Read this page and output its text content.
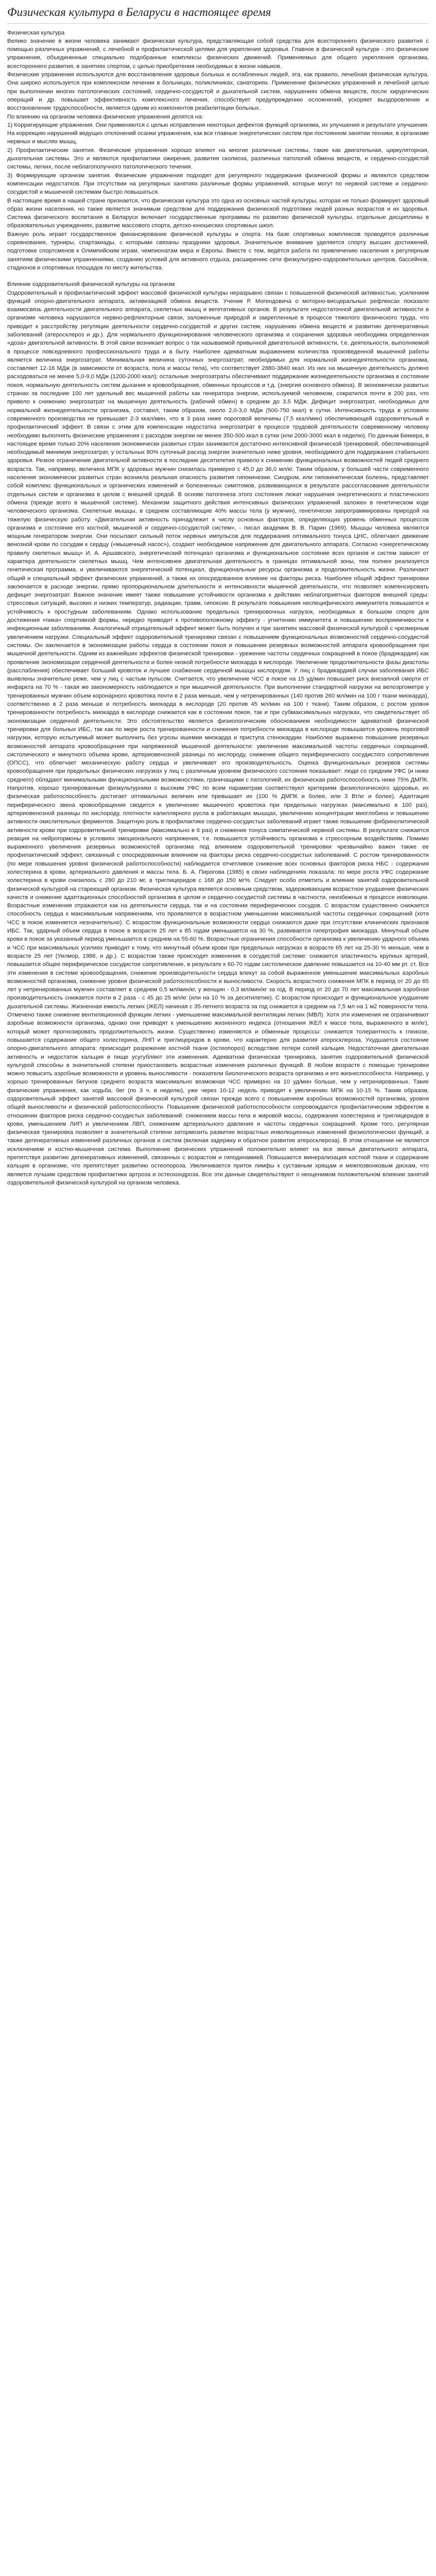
Физическая культура в Беларуси в настоящее время

Физическая культура

Велико значение в жизни человека занимают физическая культура, представляющая собой средства для всестороннего физического развития с помощью различных упражнений, с лечебной и профилактической целями для укрепления здоровья. Главное в физической культуре - это физические упражнения, объединенные специально подобранные комплексы физических движений. Применяемых для общего укрепления организма, всестороннего развития, в занятиях спортом, с целью приобретения необходимых в жизни навыков.

Физические упражнения используются для восстановления здоровья больных и ослабленных людей, эта, как правило, лечебная физическая культура. Она широко используется при комплексном лечении в больницах, поликлиниках, санаториях. Применение физических упражнений и лечебной целью при выполнении многих патологических состояний, сердечно-сосудистой и дыхательной систем, нарушениях обмена веществ, после хирургических операций и др. повышает эффективность комплексного лечения, способствует предупреждению осложнений, ускоряет выздоровление и восстановление трудоспособности, является одним из компонентов реабилитации больных.

По влиянию на организм человека физические упражнения делятся на:

1) Корригирующие упражнения. Они применяются с целью исправления некоторых дефектов функций организма, их улучшения и результате улучшения. На коррекцию нарушений ведущих отклонений осанки упражнения, как все главные энергетических систем при постоянном занятии техники, в организме нервных и мыслях мышц.

2) Профилактические занятия. Физические упражнения хорошо влияют на многие различные системы, такие как двигательная, циркуляторная, дыхательная системы. Это и являются профилактики ожирения, развития сколиоза, различных патологий обмена веществ, и сердечно-сосудистой системы, легких, после неблагополучного патологического течения.

3) Формирующие организм занятия. Физические упражнения подходят для регулярного поддержания физической формы и являются средством компенсации недостатков. При отсутствии на регулярных занятиях различные формы упражнений, которые могут по нервной системе и сердечно-сосудистой и мышечной системам быстро повышаться.

В настоящее время в нашей стране признается, что физическая культура это одна из основных частей культуры, которая не только формирует здоровый образ жизни населения, но также является значимым средством для поддержания физической подготовки людей разных возрастов и их здоровья. Система физического воспитания в Беларуси включает государственные программы по развитию физической культуры, отдельные дисциплины в образовательных учреждениях, развитие массового спорта, детско-юношеских спортивных школ.

Важную роль играет государственное финансирование физической культуры и спорта. На базе спортивных комплексов проводятся различные соревнования, турниры, спартакиады, с которыми связаны праздники здоровья. Значительное внимание уделяется спорту высших достижений, подготовке спортсменов к Олимпийским играм, чемпионатам мира и Европы. Вместе с тем, ведётся работа по привлечению населения к регулярным занятиям физическими упражнениями, созданию условий для активного отдыха, расширению сети физкультурно-оздоровительных центров, бассейнов, стадионов и спортивных площадок по месту жительства.

Влияние оздоровительной физической культуры на организм

Оздоровительный и профилактический эффект массовой физической культуры неразрывно связан с повышенной физической активностью, усилением функций опорно-двигательного аппарата, активизацией обмена веществ. Учение Р. Могендовича о моторно-висцеральных рефлексах показало взаимосвязь деятельности двигательного аппарата, скелетных мышц и вегетативных органов. В результате недостаточной двигательной активности в организме человека нарушаются нервно-рефлекторные связи, заложенные природой и закрепленные в процессе тяжелого физического труда, что приводит к расстройству регуляции деятельности сердечно-сосудистой и других систем, нарушению обмена веществ и развитию дегенеративных заболеваний (атеросклероз и др.). Для нормального функционирования человеческого организма и сохранения здоровья необходима определенная «доза» двигательной активности. В этой связи возникает вопрос о так называемой привычной двигательной активности, т.е. деятельности, выполняемой в процессе повседневного профессионального труда и в быту. Наиболее адекватным выражением количества произведенной мышечной работы является величина энергозатрат. Минимальная величина суточных энергозатрат, необходимых для нормальной жизнедеятельности организма, составляет 12-16 МДж (в зависимости от возраста, пола и массы тела), что соответствует 2880-3840 ккал. Из них на мышечную деятельность должно расходоваться не менее 5,0-9,0 МДж (1200-2000 ккал); остальные энергозатраты обеспечивают поддержание жизнедеятельности организма в состоянии покоя, нормальную деятельность систем дыхания и кровообращения, обменных процессов и т.д. (энергия основного обмена). В экономически развитых странах за последние 100 лет удельный вес мышечной работы как генератора энергии, используемой человеком, сократился почти в 200 раз, что привело к снижению энергозатрат на мышечную деятельность (рабочий обмен) в среднем до 3,5 МДж. Дефицит энергозатрат, необходимых для нормальной жизнедеятельности организма, составил, таким образом, около 2,0-3,0 МДж (500-750 ккал) в сутки. Интенсивность труда в условиях современного производства не превышает 2-3 ккал/мин, что в 3 раза ниже пороговой величины (7,5 ккал/мин) обеспечивающей оздоровительный и профилактический эффект. В связи с этим для компенсации недостатка энергозатрат в процессе трудовой деятельности современному человеку необходимо выполнять физические упражнения с расходом энергии не менее 350-500 ккал в сутки (или 2000-3000 ккал в неделю). По данным Беккера, в настоящее время только 20% населения экономически развитых стран занимаются достаточно интенсивной физической тренировкой, обеспечивающей необходимый минимум энергозатрат, у остальных 80% суточный расход энергии значительно ниже уровня, необходимого для поддержания стабильного здоровья. Резкое ограничение двигательной активности в последние десятилетия привело к снижению функциональных возможностей людей среднего возраста. Так, например, величина МПК у здоровых мужчин снизилась примерно с 45,0 до 36,0 мл/кг. Таким образом, у большей части современного населения экономически развитых стран возникла реальная опасность развития гипокинезии. Синдром, или гипокинетическая болезнь, представляет собой комплекс функциональных и органических изменений и болезненных симптомов, развивающихся в результате рассогласования деятельности отдельных систем и организма в целом с внешней средой. В основе патогенеза этого состояния лежат нарушения энергетического и пластического обмена (прежде всего в мышечной системе). Механизм защитного действия интенсивных физических упражнений заложен в генетическом коде человеческого организма. Скелетные мышцы, в среднем составляющие 40% массы тела (у мужчин), генетически запрограммированы природой на тяжелую физическую работу. «Двигательная активность принадлежит к числу основных факторов, определяющих уровень обменных процессов организма и состояние его костной, мышечной и сердечно-сосудистой систем», - писал академик В. В. Парин (1969). Мышцы человека являются мощным генератором энергии. Они посылают сильный поток нервных импульсов для поддержания оптимального тонуса ЦНС, облегчают движение венозной крови по сосудам к сердцу («мышечный насос»), создают необходимое напряжение для двигательного аппарата. Согласно «энергетическому правилу скелетных мышц» И. А. Аршавского, энергетический потенциал организма и функциональное состояние всех органов и систем зависят от характера деятельности скелетных мышц. Чем интенсивнее двигательная деятельность в границах оптимальной зоны, тем полнее реализуется генетическая программа, и увеличиваются энергетический потенциал, функциональные ресурсы организма и продолжительность жизни. Различают общий и специальный эффект физических упражнений, а также их опосредованное влияние на факторы риска. Наиболее общий эффект тренировки заключается в расходе энергии, прямо пропорциональном длительности и интенсивности мышечной деятельности, что позволяет компенсировать дефицит энергозатрат. Важное значение имеет также повышение устойчивости организма к действию неблагоприятных факторов внешней среды: стрессовых ситуаций, высоких и низких температур, радиации, травм, гипоксии. В результате повышения неспецифического иммунитета повышается и устойчивость к простудным заболеваниям. Однако использование предельных тренировочных нагрузок, необходимых в большом спорте для достижения «пика» спортивной формы, нередко приводит к противоположному эффекту - угнетению иммунитета и повышению восприимчивости к инфекционным заболеваниям. Аналогичный отрицательный эффект может быть получен и при занятиях массовой физической культурой с чрезмерным увеличением нагрузки. Специальный эффект оздоровительной тренировки связан с повышением функциональных возможностей сердечно-сосудистой системы. Он заключается в экономизации работы сердца в состоянии покоя и повышении резервных возможностей аппарата кровообращения при мышечной деятельности. Одним из важнейших эффектов физической тренировки - урежение частоты сердечных сокращений в покое (брадикардия) как проявление экономизации сердечной деятельности и более низкой потребности миокарда в кислороде. Увеличение продолжительности фазы диастолы (расслабления) обеспечивает больший кровоток и лучшее снабжение сердечной мышцы кислородом. У лиц с брадикардией случаи заболевания ИБС выявлены значительно реже, чем у лиц с частым пульсом. Считается, что увеличение ЧСС в покое на 15 уд/мин повышает риск внезапной смерти от инфаркта на 70 % - такая же закономерность наблюдается и при мышечной деятельности. При выполнении стандартной нагрузки на велоэргометре у тренированных мужчин объем коронарного кровотока почти в 2 раза меньше, чем у нетренированных (140 против 260 мл/мин на 100 г ткани миокарда), соответственно в 2 раза меньше и потребность миокарда в кислороде (20 против 45 мл/мин на 100 г ткани). Таким образом, с ростом уровня тренированности потребность миокарда в кислороде снижается как в состоянии покоя, так и при субмаксимальных нагрузках, что свидетельствует об экономизации сердечной деятельности. Это обстоятельство является физиологическим обоснованием необходимости адекватной физической тренировки для больных ИБС, так как по мере роста тренированности и снижения потребности миокарда в кислороде повышается уровень пороговой нагрузки, которую испытуемый может выполнить без угрозы ишемии миокарда и приступа стенокардии. Наиболее выражено повышение резервных возможностей аппарата кровообращения при напряженной мышечной деятельности: увеличение максимальной частоты сердечных сокращений, систолического и минутного объема крови, артериовенозной разницы по кислороду, снижение общего периферического сосудистого сопротивления (ОПСС), что облегчает механическую работу сердца и увеличивает его производительность. Оценка функциональных резервов системы кровообращения при предельных физических нагрузках у лиц с различным уровнем физического состояния показывает: люди со средним УФС (и ниже среднего) обладают минимальными функциональными возможностями, граничащими с патологией, их физическая работоспособность ниже 75% ДМПК. Напротив, хорошо тренированные физкультурники с высоким УФС по всем параметрам соответствуют критериям физиологического здоровья, их физическая работоспособность достигает оптимальных величин или превышает их (100 % ДМПК и более, или 3 Вт/кг и более). Адаптация периферического звена кровообращения сводится к увеличению мышечного кровотока при предельных нагрузках (максимально в 100 раз), артериовенозной разницы по кислороду, плотности капиллярного русла в работающих мышцах, увеличению концентрации миоглобина и повышению активности окислительных ферментов. Защитную роль в профилактике сердечно-сосудистых заболеваний играет также повышение фибринолитической активности крови при оздоровительной тренировке (максимально в 6 раз) и снижение тонуса симпатической нервной системы. В результате снижается реакция на нейрогормоны в условиях эмоционального напряжения, т.е. повышается устойчивость организма к стрессорным воздействиям. Помимо выраженного увеличения резервных возможностей организма под влиянием оздоровительной тренировки чрезвычайно важен также ее профилактический эффект, связанный с опосредованным влиянием на факторы риска сердечно-сосудистых заболеваний. С ростом тренированности (по мере повышения уровня физической работоспособности) наблюдается отчетливое снижение всех основных факторов риска НБС - содержания холестерина в крови, артериального давления и массы тела. Б. А. Пирогова (1985) в своих наблюдениях показала: по мере роста УФС содержание холестерина в крови снизилось с 280 до 210 мг, а триглицеридов с 168 до 150 мг%. Следует особо отметить и влияние занятий оздоровительной физической культурой на стареющий организм. Физическая культура является основным средством, задерживающим возрастное ухудшение физических качеств и снижение адаптационных способностей организма в целом и сердечно-сосудистой системы в частности, неизбежных в процессе инволюции. Возрастные изменения отражаются как на деятельности сердца, так и на состоянии периферических сосудов. С возрастом существенно снижается способность сердца к максимальным напряжениям, что проявляется в возрастном уменьшении максимальной частоты сердечных сокращений (хотя ЧСС в покое изменяется незначительно). С возрастом функциональные возможности сердца снижаются даже при отсутствии клинических признаков ИБС. Так, ударный объем сердца в покое в возрасте 25 лет к 85 годам уменьшается на 30 %, развивается гипертрофия миокарда. Минутный объем крови в покое за указанный период уменьшается в среднем на 55-60 %. Возрастные ограничения способности организма к увеличению ударного объема и ЧСС при максимальных усилиях приводят к тому, что минутный объем крови при предельных нагрузках в возрасте 65 лет на 25-30 % меньше, чем в возрасте 25 лет (Уилмор, 1986, и др.). С возрастом также происходят изменения в сосудистой системе: снижается эластичность крупных артерий, повышается общее периферическое сосудистое сопротивление, в результате к 60-70 годам систолическое давление повышается на 10-40 мм рт. ст. Все эти изменения в системе кровообращения, снижение производительности сердца влекут за собой выраженное уменьшение максимальных аэробных возможностей организма, снижение уровня физической работоспособности и выносливости. Скорость возрастного снижения МПК в период от 20 до 65 лет у нетренированных мужчин составляет в среднем 0,5 мл/мин/кг, у женщин - 0,3 мл/мин/кг за год. В период от 20 до 70 лет максимальная аэробная производительность снижается почти в 2 раза - с 45 до 25 мл/кг (или на 10 % за десятилетие). С возрастом происходит и функциональное ухудшение дыхательной системы. Жизненная емкость легких (ЖЕЛ) начиная с 35-летнего возраста за год снижается в среднем на 7,5 мл на 1 м2 поверхности тела. Отмечено также снижение вентиляционной функции легких - уменьшение максимальной вентиляции легких (МВЛ). Хотя эти изменения не ограничивают аэробные возможности организма, однако они приводят к уменьшению жизненного индекса (отношения ЖЕЛ к массе тела, выраженного в мл/кг), который может прогнозировать продолжительность жизни. Существенно изменяются и обменные процессы: снижается толерантность к глюкозе, повышается содержание общего холестерина, ЛНП и триглицеридов в крови, что характерно для развития атеросклероза. Ухудшается состояние опорно-двигательного аппарата: происходит разрежение костной ткани (остеопороз) вследствие потери солей кальция. Недостаточная двигательная активность и недостаток кальция в пище усугубляют эти изменения. Адекватная физическая тренировка, занятия оздоровительной физической культурой способны в значительной степени приостановить возрастные изменения различных функций. В любом возрасте с помощью тренировки можно повысить аэробные возможности и уровень выносливости - показатели биологического возраста организма и его жизнеспособности. Например, у хорошо тренированных бегунов среднего возраста максимально возможная ЧСС примерно на 10 уд/мин больше, чем у нетренированных. Такие физические упражнения, как ходьба, бег (по 3 ч. в неделю), уже через 10-12 недель приводят к увеличению МПК на 10-15 %. Таким образом, оздоровительный эффект занятий массовой физической культурой связан прежде всего с повышением аэробных возможностей организма, уровня общей выносливости и физической работоспособности. Повышение физической работоспособности сопровождается профилактическим эффектом в отношении факторов риска сердечно-сосудистых заболеваний: снижением массы тела и жировой массы, содержания холестерина и триглицеридов в крови, уменьшением ЛИП и увеличением ЛВП, снижением артериального давления и частоты сердечных сокращений. Кроме того, регулярная физическая тренировка позволяет в значительной степени затормозить развитие возрастных инволюционных изменений физиологических функций, а также дегенеративных изменений различных органов и систем (включая задержку и обратное развитие атеросклероза). В этом отношении не является исключением и костно-мышечная система. Выполнение физических упражнений положительно влияет на все звенья двигательного аппарата, препятствуя развитию дегенеративных изменений, связанных с возрастом и гиподинамией. Повышается минерализация костной ткани и содержание кальция в организме, что препятствует развитию остеопороза. Увеличивается приток лимфы к суставным хрящам и межпозвонковым дискам, что является лучшим средством профилактики артроза и остеохондроза. Все эти данные свидетельствуют о неоценимом положительном влиянии занятий оздоровительной физической культурой на организм человека.
